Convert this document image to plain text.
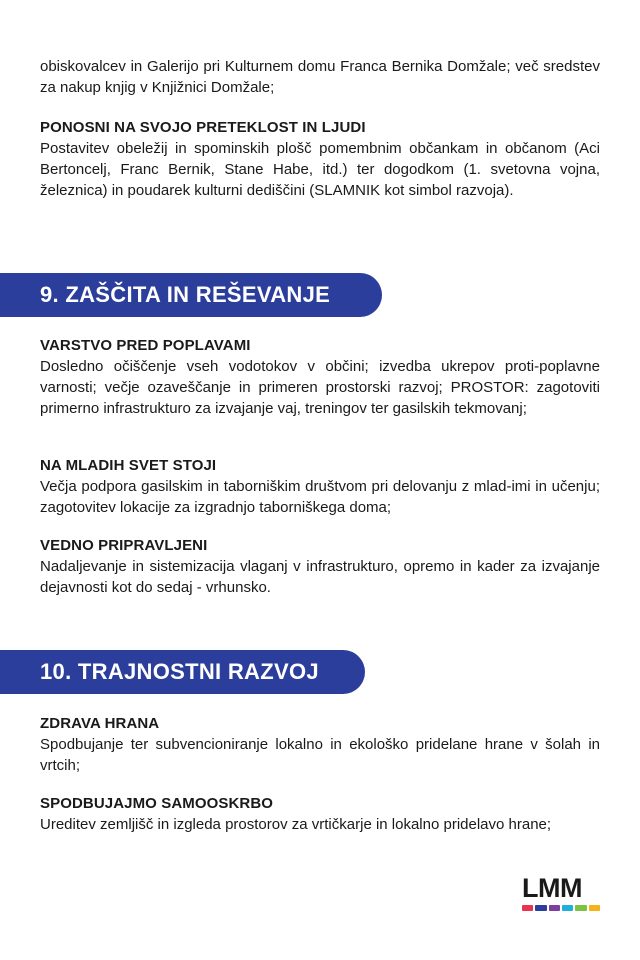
obiskovalcev in Galerijo pri Kulturnem domu Franca Bernika Domžale; več sredstev za nakup knjig v Knjižnici Domžale;

PONOSNI NA SVOJO PRETEKLOST IN LJUDI

Postavitev obeležij in spominskih plošč pomembnim občankam in občanom (Aci Bertoncelj, Franc Bernik, Stane Habe, itd.) ter dogodkom (1. svetovna vojna, železnica) in poudarek kulturni dediščini (SLAMNIK kot simbol razvoja).

9. ZAŠČITA IN REŠEVANJE

VARSTVO PRED POPLAVAMI

Dosledno očiščenje vseh vodotokov v občini; izvedba ukrepov proti-poplavne varnosti; večje ozaveščanje in primeren prostorski razvoj; PROSTOR: zagotoviti primerno infrastrukturo za izvajanje vaj, treningov ter gasilskih tekmovanj;

NA MLADIH SVET STOJI

Večja podpora gasilskim in taborniškim društvom pri delovanju z mlad-imi in učenju; zagotovitev lokacije za izgradnjo taborniškega doma;

VEDNO PRIPRAVLJENI

Nadaljevanje in sistemizacija vlaganj v infrastrukturo, opremo in kader za izvajanje dejavnosti kot do sedaj - vrhunsko.

10. TRAJNOSTNI RAZVOJ

ZDRAVA HRANA

Spodbujanje ter subvencioniranje lokalno in ekološko pridelane hrane v šolah in vrtcih;

SPODBUJAJMO SAMOOSKRBO

Ureditev zemljišč in izgleda prostorov za vrtičkarje in lokalno pridelavo hrane;

LMM
